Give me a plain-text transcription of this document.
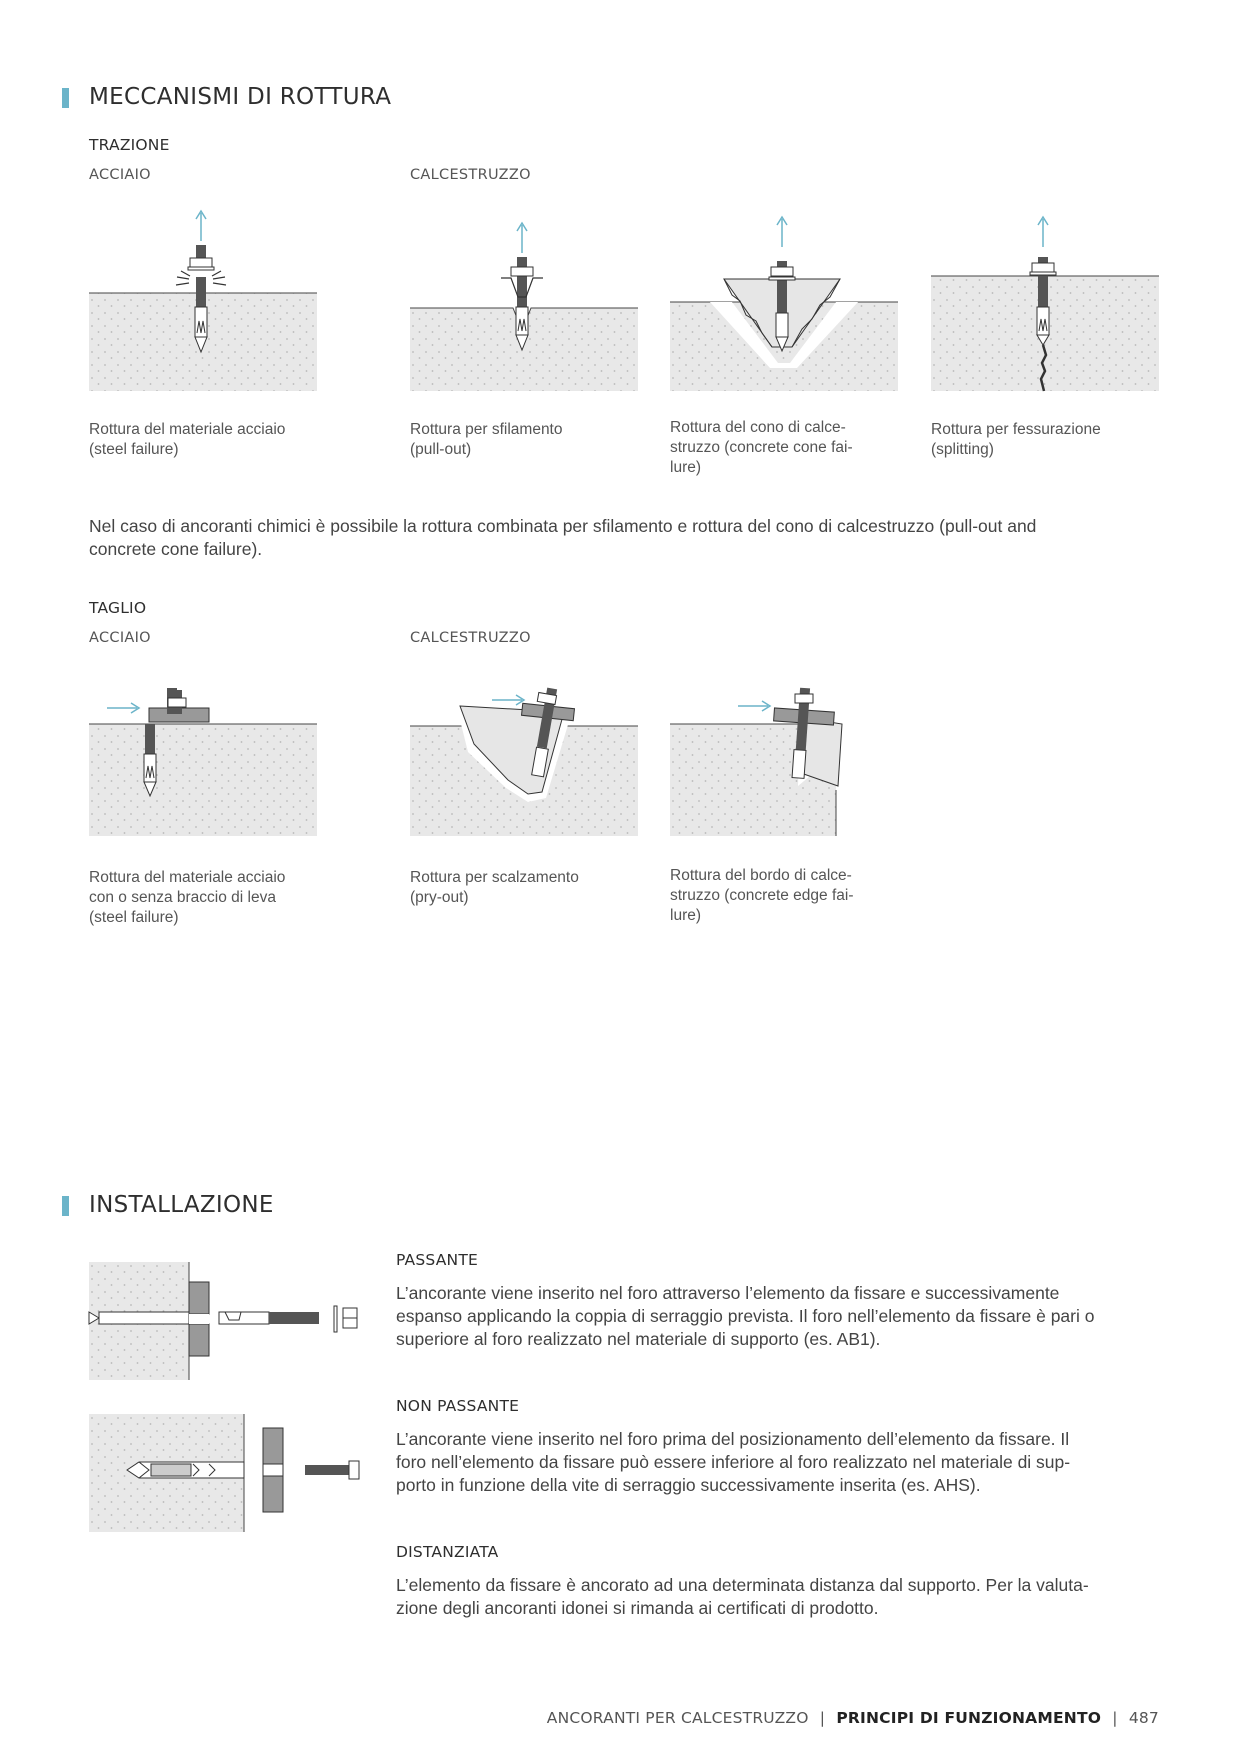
MECCANISMI DI ROTTURA
TRAZIONE
ACCIAIO	CALCESTRUZZO
Rottura del materiale acciaio
(steel failure)
Rottura per sfilamento
(pull-out)
Rottura del cono di calce-
struzzo (concrete cone fai-
lure)
Rottura per fessurazione
(splitting)
Nel caso di ancoranti chimici è possibile la rottura combinata per sfilamento e rottura del cono di calcestruzzo (pull-out and
concrete cone failure).
TAGLIO
ACCIAIO	CALCESTRUZZO
Rottura del materiale acciaio
con o senza braccio di leva
(steel failure)
Rottura per scalzamento
(pry-out)
Rottura del bordo di calce-
struzzo (concrete edge fai-
lure)
INSTALLAZIONE
PASSANTE
L’ancorante viene inserito nel foro attraverso l’elemento da fissare e successivamente
espanso applicando la coppia di serraggio prevista. Il foro nell’elemento da fissare è pari o
superiore al foro realizzato nel materiale di supporto (es. AB1).
NON PASSANTE
L’ancorante viene inserito nel foro prima del posizionamento dell’elemento da fissare. Il
foro nell’elemento da fissare può essere inferiore al foro realizzato nel materiale di sup-
porto in funzione della vite di serraggio successivamente inserita (es. AHS).
DISTANZIATA
L’elemento da fissare è ancorato ad una determinata distanza dal supporto. Per la valuta-
zione degli ancoranti idonei si rimanda ai certificati di prodotto.
ANCORANTI PER CALCESTRUZZO | PRINCIPI DI FUNZIONAMENTO | 487
